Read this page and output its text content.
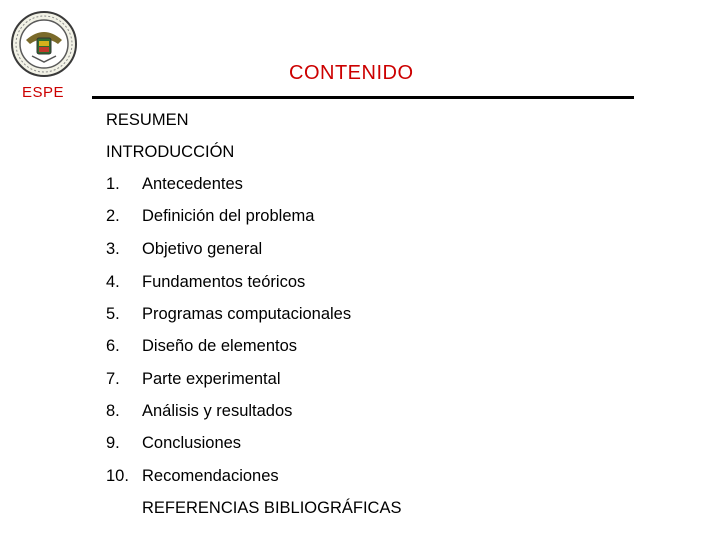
ESPE
CONTENIDO
RESUMEN
INTRODUCCIÓN
1. Antecedentes
2. Definición del problema
3. Objetivo general
4. Fundamentos teóricos
5. Programas computacionales
6. Diseño de elementos
7. Parte experimental
8. Análisis y resultados
9. Conclusiones
10. Recomendaciones
REFERENCIAS BIBLIOGRÁFICAS
